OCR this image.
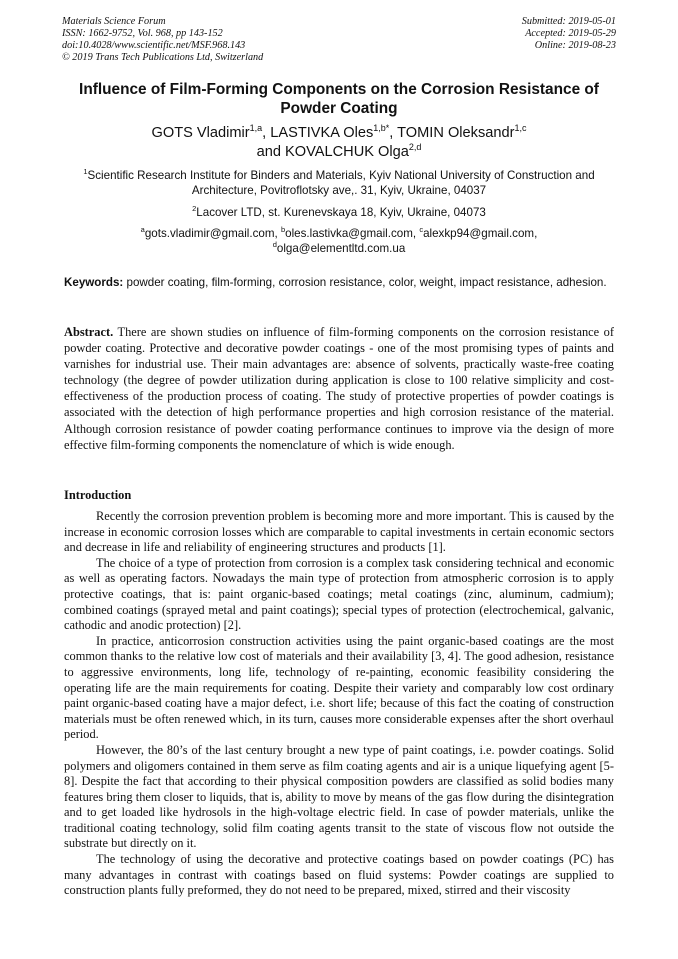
Materials Science Forum
ISSN: 1662-9752, Vol. 968, pp 143-152
doi:10.4028/www.scientific.net/MSF.968.143
© 2019 Trans Tech Publications Ltd, Switzerland
Submitted: 2019-05-01
Accepted: 2019-05-29
Online: 2019-08-23
Influence of Film-Forming Components on the Corrosion Resistance of Powder Coating
GOTS Vladimir$^{1,a}$, LASTIVKA Oles$^{1,b*}$, TOMIN Oleksandr$^{1,c}$
and KOVALCHUK Olga$^{2,d}$
$^1$Scientific Research Institute for Binders and Materials, Kyiv National University of Construction and Architecture, Povitroflotsky ave,. 31, Kyiv, Ukraine, 04037
$^2$Lacover LTD, st. Kurenevskaya 18, Kyiv, Ukraine, 04073
$^a$gots.vladimir@gmail.com, $^b$oles.lastivka@gmail.com, $^c$alexkp94@gmail.com,
$^d$olga@elementltd.com.ua
Keywords: powder coating, film-forming, corrosion resistance, color, weight, impact resistance, adhesion.

Abstract. There are shown studies on influence of film-forming components on the corrosion resistance of powder coating. Protective and decorative powder coatings - one of the most promising types of paints and varnishes for industrial use. Their main advantages are: absence of solvents, practically waste-free coating technology (the degree of powder utilization during application is close to 100 relative simplicity and cost-effectiveness of the production process of coating. The study of protective properties of powder coatings is associated with the detection of high performance properties and high corrosion resistance of the material. Although corrosion resistance of powder coating performance continues to improve via the design of more effective film-forming components the nomenclature of which is wide enough.

Introduction

Recently the corrosion prevention problem is becoming more and more important. This is caused by the increase in economic corrosion losses which are comparable to capital investments in certain economic sectors and decrease in life and reliability of engineering structures and products [1].

The choice of a type of protection from corrosion is a complex task considering technical and economic as well as operating factors. Nowadays the main type of protection from atmospheric corrosion is to apply protective coatings, that is: paint organic-based coatings; metal coatings (zinc, aluminum, cadmium); combined coatings (sprayed metal and paint coatings); special types of protection (electrochemical, galvanic, cathodic and anodic protection) [2].

In practice, anticorrosion construction activities using the paint organic-based coatings are the most common thanks to the relative low cost of materials and their availability [3, 4]. The good adhesion, resistance to aggressive environments, long life, technology of re-painting, economic feasibility considering the operating life are the main requirements for coating. Despite their variety and comparably low cost ordinary paint organic-based coating have a major defect, i.e. short life; because of this fact the coating of construction materials must be often renewed which, in its turn, causes more considerable expenses after the short overhaul period.

However, the 80’s of the last century brought a new type of paint coatings, i.e. powder coatings. Solid polymers and oligomers contained in them serve as film coating agents and air is a unique liquefying agent [5-8]. Despite the fact that according to their physical composition powders are classified as solid bodies many features bring them closer to liquids, that is, ability to move by means of the gas flow during the disintegration and to get loaded like hydrosols in the high-voltage electric field. In case of powder materials, unlike the traditional coating technology, solid film coating agents transit to the state of viscous flow not outside the substrate but directly on it.

The technology of using the decorative and protective coatings based on powder coatings (PC) has many advantages in contrast with coatings based on fluid systems: Powder coatings are supplied to construction plants fully preformed, they do not need to be prepared, mixed, stirred and their viscosity
